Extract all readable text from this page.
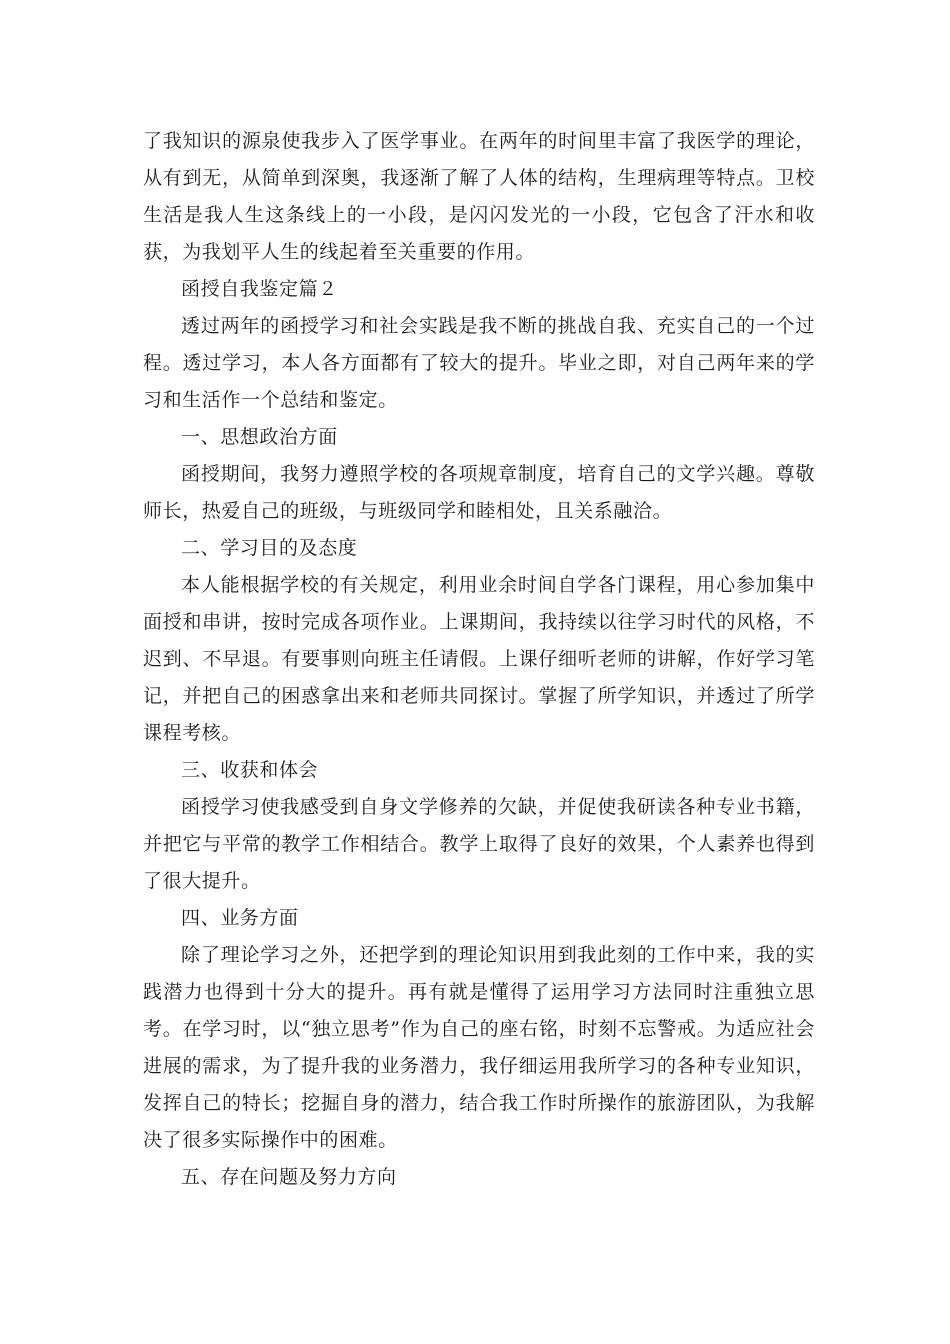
了我知识的源泉使我步入了医学事业。在两年的时间里丰富了我医学的理论，从有到无，从简单到深奥，我逐渐了解了人体的结构，生理病理等特点。卫校生活是我人生这条线上的一小段，是闪闪发光的一小段，它包含了汗水和收获，为我划平人生的线起着至关重要的作用。

函授自我鉴定篇２

透过两年的函授学习和社会实践是我不断的挑战自我、充实自己的一个过程。透过学习，本人各方面都有了较大的提升。毕业之即，对自己两年来的学习和生活作一个总结和鉴定。

一、思想政治方面

函授期间，我努力遵照学校的各项规章制度，培育自己的文学兴趣。尊敬师长，热爱自己的班级，与班级同学和睦相处，且关系融洽。

二、学习目的及态度

本人能根据学校的有关规定，利用业余时间自学各门课程，用心参加集中面授和串讲，按时完成各项作业。上课期间，我持续以往学习时代的风格，不迟到、不早退。有要事则向班主任请假。上课仔细听老师的讲解，作好学习笔记，并把自己的困惑拿出来和老师共同探讨。掌握了所学知识，并透过了所学课程考核。

三、收获和体会

函授学习使我感受到自身文学修养的欠缺，并促使我研读各种专业书籍，并把它与平常的教学工作相结合。教学上取得了良好的效果，个人素养也得到了很大提升。

四、业务方面

除了理论学习之外，还把学到的理论知识用到我此刻的工作中来，我的实践潜力也得到十分大的提升。再有就是懂得了运用学习方法同时注重独立思考。在学习时，以“独立思考”作为自己的座右铭，时刻不忘警戒。为适应社会进展的需求，为了提升我的业务潜力，我仔细运用我所学习的各种专业知识，发挥自己的特长；挖掘自身的潜力，结合我工作时所操作的旅游团队，为我解决了很多实际操作中的困难。

五、存在问题及努力方向
